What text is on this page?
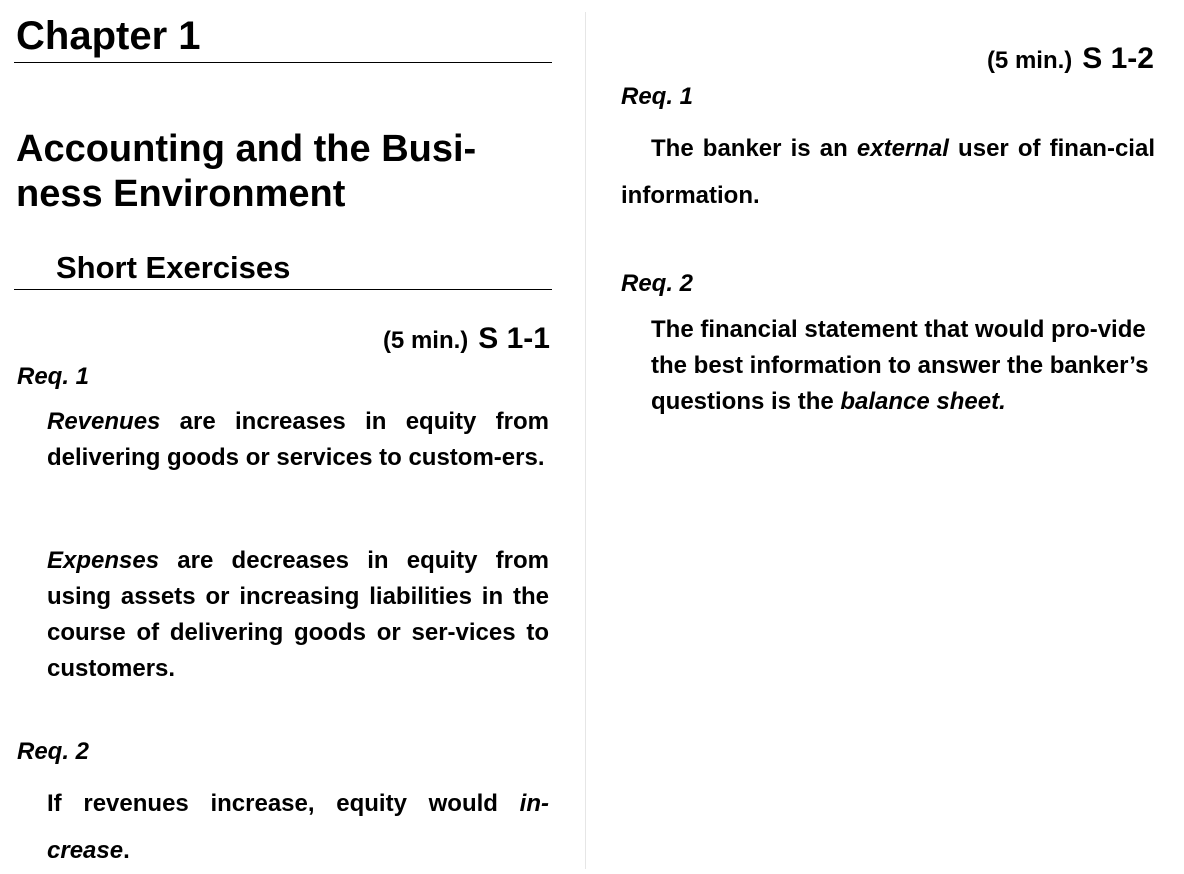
Chapter 1
Accounting and the Busi-
ness Environment
Short Exercises
(5 min.) S 1-1

Req. 1

Revenues are increases in equity from delivering goods or services to custom-ers.

Expenses are decreases in equity from using assets or increasing liabilities in the course of delivering goods or ser-vices to customers.

Req. 2

If revenues increase, equity would in-crease.

(5 min.) S 1-2

Req. 1

The banker is an external user of finan-cial information.

Req. 2

The financial statement that would pro-vide the best information to answer the banker’s questions is the balance sheet.
